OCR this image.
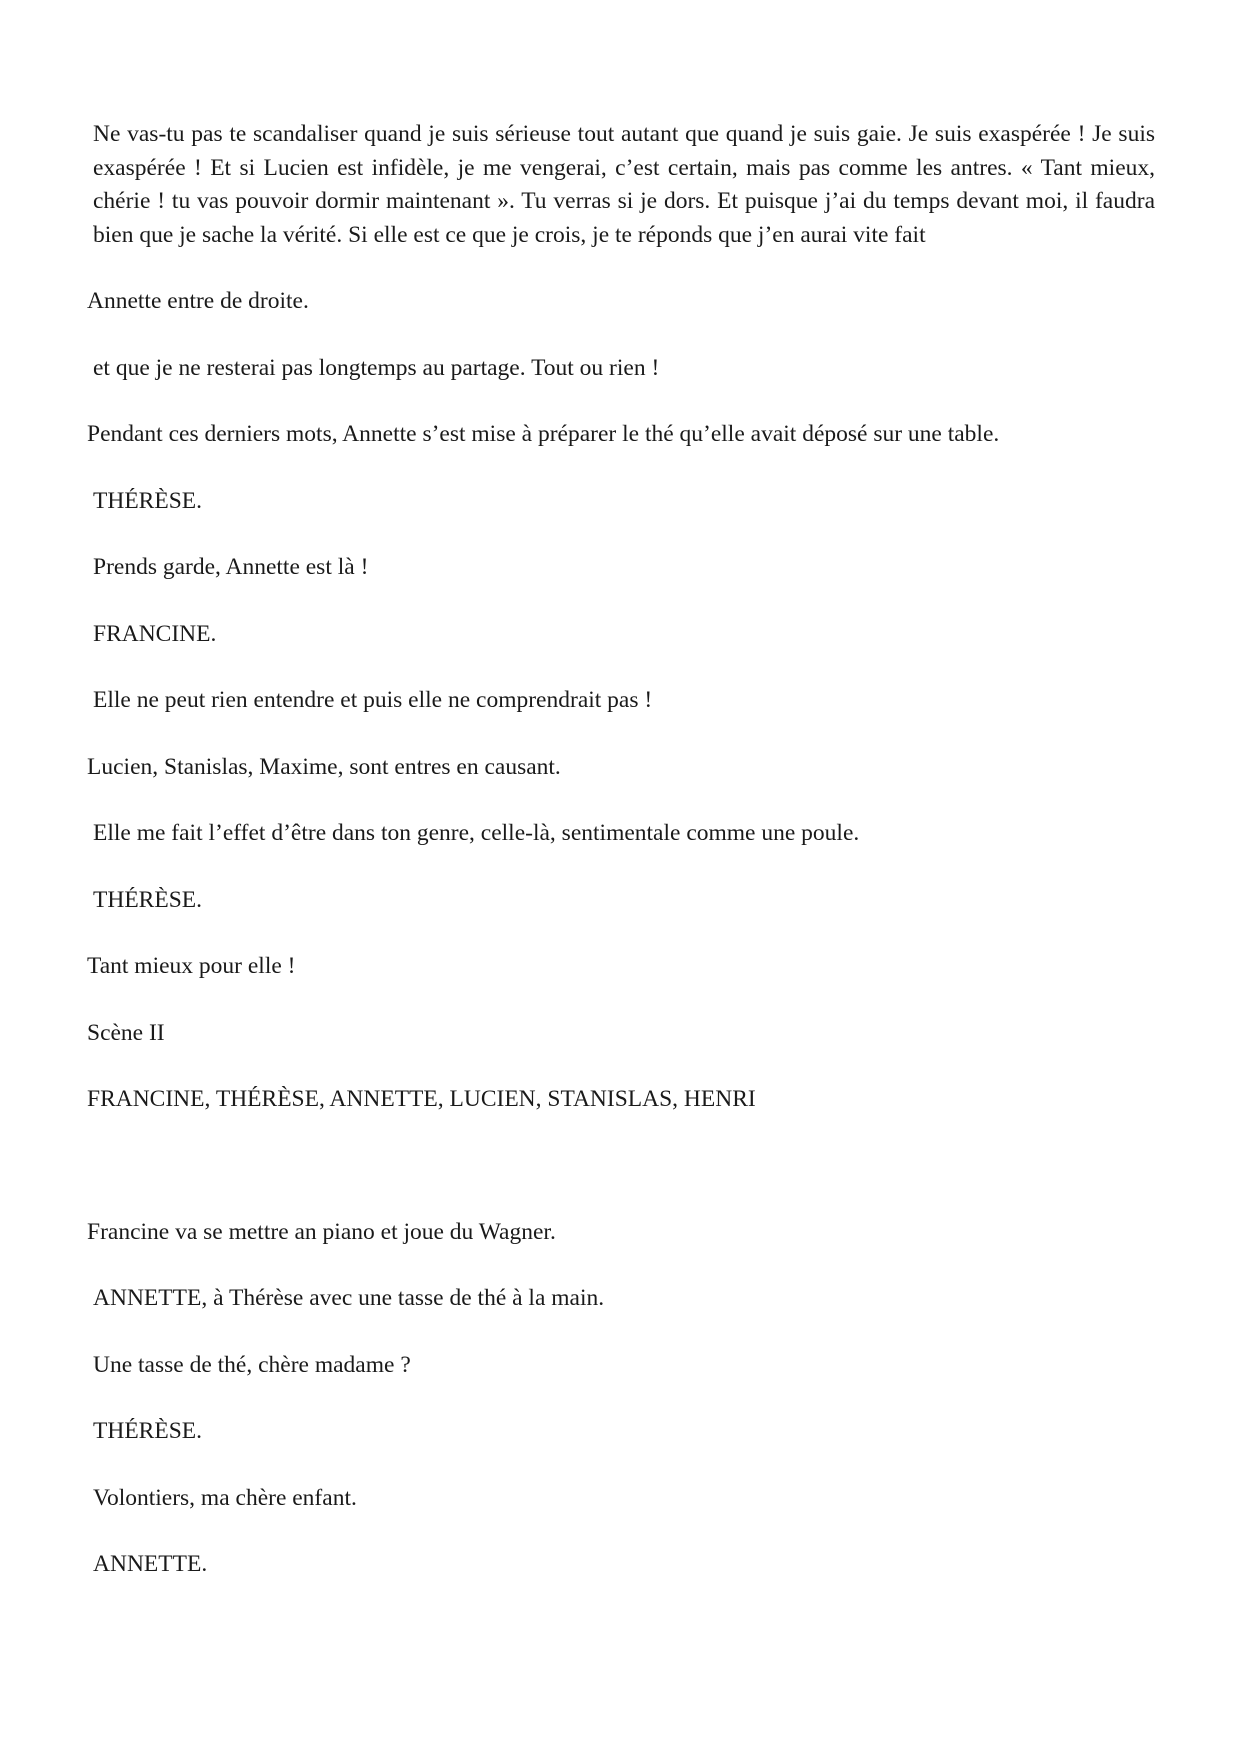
Ne vas-tu pas te scandaliser quand je suis sérieuse tout autant que quand je suis gaie. Je suis exaspérée ! Je suis exaspérée ! Et si Lucien est infidèle, je me vengerai, c’est certain, mais pas comme les antres. « Tant mieux, chérie ! tu vas pouvoir dormir maintenant ». Tu verras si je dors. Et puisque j’ai du temps devant moi, il faudra bien que je sache la vérité. Si elle est ce que je crois, je te réponds que j’en aurai vite fait

Annette entre de droite.

et que je ne resterai pas longtemps au partage. Tout ou rien !

Pendant ces derniers mots, Annette s’est mise à préparer le thé qu’elle avait déposé sur une table.

THÉRÈSE.

Prends garde, Annette est là !

FRANCINE.

Elle ne peut rien entendre et puis elle ne comprendrait pas !

Lucien, Stanislas, Maxime, sont entres en causant.

Elle me fait l’effet d’être dans ton genre, celle-là, sentimentale comme une poule.

THÉRÈSE.

Tant mieux pour elle !

Scène II

FRANCINE, THÉRÈSE, ANNETTE, LUCIEN, STANISLAS, HENRI

Francine va se mettre an piano et joue du Wagner.

ANNETTE, à Thérèse avec une tasse de thé à la main.

Une tasse de thé, chère madame ?

THÉRÈSE.

Volontiers, ma chère enfant.

ANNETTE.
